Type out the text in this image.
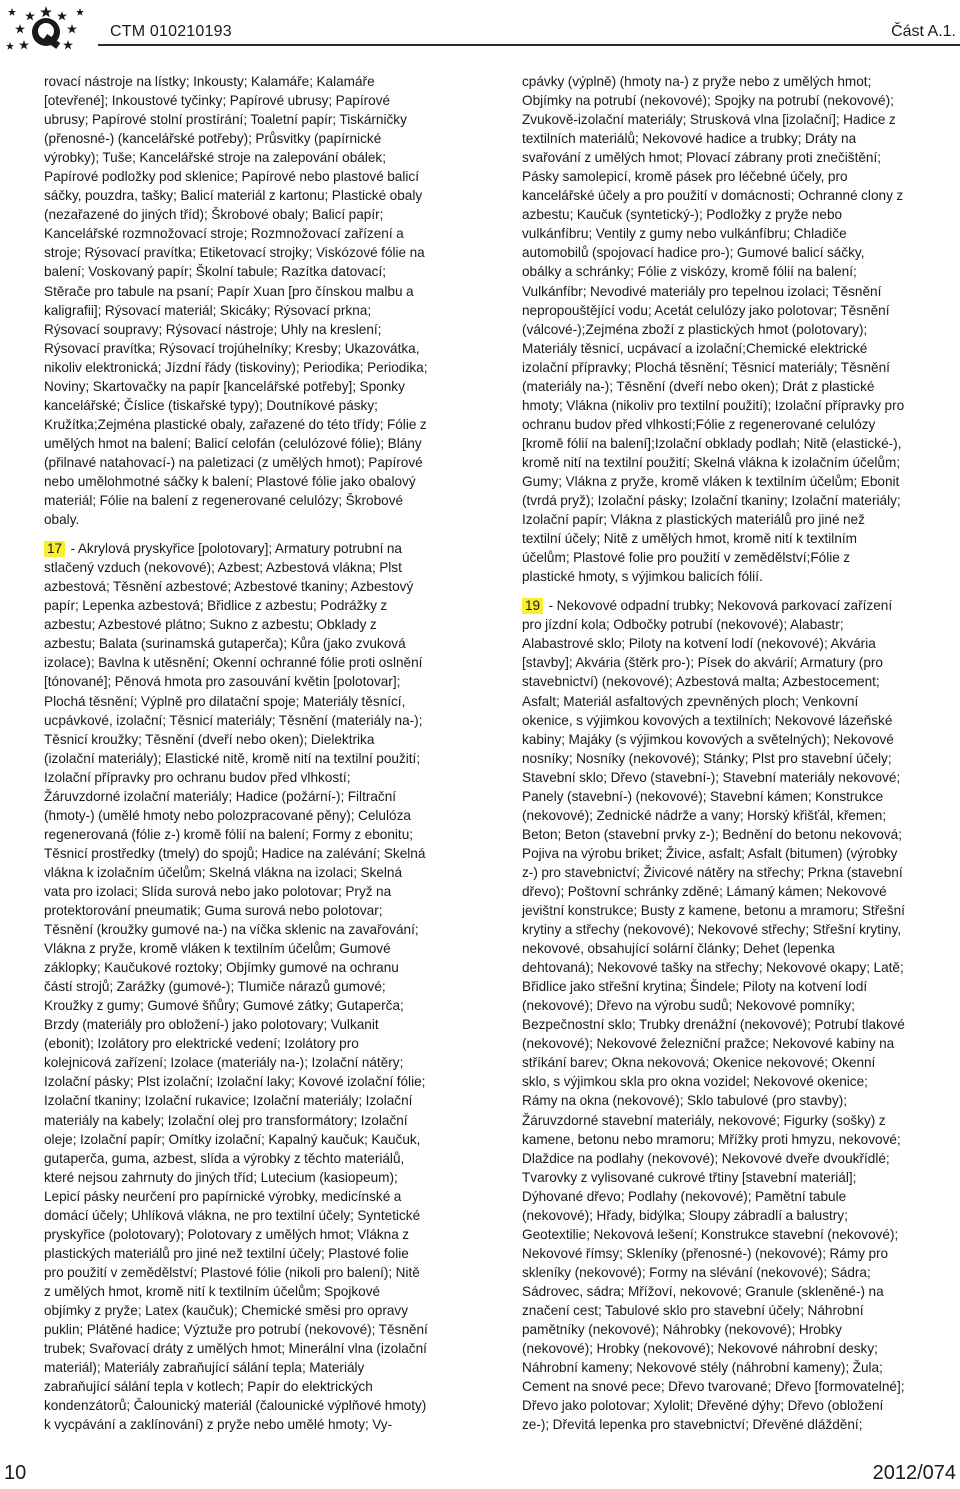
CTM 010210193	Část A.1.

rovací nástroje na lístky; Inkousty; Kalamáře; Kalamáře [otevřené]; Inkoustové tyčinky; Papírové ubrusy; Papírové ubrusy; Papírové stolní prostírání; Toaletní papír; Tiskárničky (přenosné-) (kancelářské potřeby); Průsvitky (papírnické výrobky); Tuše; Kancelářské stroje na zalepování obálek; Papírové podložky pod sklenice; Papírové nebo plastové balicí sáčky, pouzdra, tašky; Balicí materiál z kartonu; Plastické obaly (nezařazené do jiných tříd); Škrobové obaly; Balicí papír; Kancelářské rozmnožovací stroje; Rozmnožovací zařízení a stroje; Rýsovací pravítka; Etiketovací strojky; Viskózové fólie na balení; Voskovaný papír; Školní tabule; Razítka datovací; Stěrače pro tabule na psaní; Papír Xuan [pro čínskou malbu a kaligrafii]; Rýsovací materiál; Skicáky; Rýsovací prkna; Rýsovací soupravy; Rýsovací nástroje; Uhly na kreslení; Rýsovací pravítka; Rýsovací trojúhelníky; Kresby; Ukazovátka, nikoliv elektronická; Jízdní řády (tiskoviny); Periodika; Periodika; Noviny; Skartovačky na papír [kancelářské potřeby]; Sponky kancelářské; Číslice (tiskařské typy); Doutníkové pásky; Kružítka;Zejména plastické obaly, zařazené do této třídy; Fólie z umělých hmot na balení; Balicí celofán (celulózové fólie); Blány (přilnavé natahovací-) na paletizaci (z umělých hmot); Papírové nebo umělohmotné sáčky k balení; Plastové fólie jako obalový materiál; Fólie na balení z regenerované celulózy; Škrobové obaly.

17 - Akrylová pryskyřice [polotovary]; Armatury potrubní na stlačený vzduch (nekovové); Azbest; Azbestová vlákna; Plst azbestová; Těsnění azbestové; Azbestové tkaniny; Azbestový papír; Lepenka azbestová; Břidlice z azbestu; Podrážky z azbestu; Azbestové plátno; Sukno z azbestu; Obklady z azbestu; Balata (surinamská gutaperča); Kůra (jako zvuková izolace); Bavlna k utěsnění; Okenní ochranné fólie proti oslnění [tónované]; Pěnová hmota pro zasouvání květin [polotovar]; Plochá těsnění; Výplně pro dilatační spoje; Materiály těsnící, ucpávkové, izolační; Těsnicí materiály; Těsnění (materiály na-); Těsnicí kroužky; Těsnění (dveří nebo oken); Dielektrika (izolační materiály); Elastické nitě, kromě nití na textilní použití; Izolační přípravky pro ochranu budov před vlhkostí; Žáruvzdorné izolační materiály; Hadice (požární-); Filtrační (hmoty-) (umělé hmoty nebo polozpracované pěny); Celulóza regenerovaná (fólie z-) kromě fólií na balení; Formy z ebonitu; Těsnicí prostředky (tmely) do spojů; Hadice na zalévání; Skelná vlákna k izolačním účelům; Skelná vlákna na izolaci; Skelná vata pro izolaci; Slída surová nebo jako polotovar; Pryž na protektorování pneumatik; Guma surová nebo polotovar; Těsnění (kroužky gumové na-) na víčka sklenic na zavařování; Vlákna z pryže, kromě vláken k textilním účelům; Gumové záklopky; Kaučukové roztoky; Objímky gumové na ochranu částí strojů; Zarážky (gumové-); Tlumiče nárazů gumové; Kroužky z gumy; Gumové šňůry; Gumové zátky; Gutaperča; Brzdy (materiály pro obložení-) jako polotovary; Vulkanit (ebonit); Izolátory pro elektrické vedení; Izolátory pro kolejnicová zařízení; Izolace (materiály na-); Izolační nátěry; Izolační pásky; Plst izolační; Izolační laky; Kovové izolační fólie; Izolační tkaniny; Izolační rukavice; Izolační materiály; Izolační materiály na kabely; Izolační olej pro transformátory; Izolační oleje; Izolační papír; Omítky izolační; Kapalný kaučuk; Kaučuk, gutaperča, guma, azbest, slída a výrobky z těchto materiálů, které nejsou zahrnuty do jiných tříd; Lutecium (kasiopeum); Lepicí pásky neurčení pro papírnické výrobky, medicínské a domácí účely; Uhlíková vlákna, ne pro textilní účely; Syntetické pryskyřice (polotovary); Polotovary z umělých hmot; Vlákna z plastických materiálů pro jiné než textilní účely; Plastové folie pro použití v zemědělství; Plastové fólie (nikoli pro balení); Nitě z umělých hmot, kromě nití k textilním účelům; Spojkové objímky z pryže; Latex (kaučuk); Chemické směsi pro opravy puklin; Plátěné hadice; Výztuže pro potrubí (nekovové); Těsnění trubek; Svařovací dráty z umělých hmot; Minerální vlna (izolační materiál); Materiály zabraňující sálání tepla; Materiály zabraňující sálání tepla v kotlech; Papír do elektrických kondenzátorů; Čalounický materiál (čalounické výplňové hmoty) k vycpávání a zaklínování) z pryže nebo umělé hmoty; Vy-

cpávky (výplně) (hmoty na-) z pryže nebo z umělých hmot; Objímky na potrubí (nekovové); Spojky na potrubí (nekovové); Zvukově-izolační materiály; Strusková vlna [izolační]; Hadice z textilních materiálů; Nekovové hadice a trubky; Dráty na svařování z umělých hmot; Plovací zábrany proti znečištění; Pásky samolepicí, kromě pásek pro léčebné účely, pro kancelářské účely a pro použití v domácnosti; Ochranné clony z azbestu; Kaučuk (syntetický-); Podložky z pryže nebo vulkánfíbru; Ventily z gumy nebo vulkánfíbru; Chladiče automobilů (spojovací hadice pro-); Gumové balicí sáčky, obálky a schránky; Fólie z viskózy, kromě fólií na balení; Vulkánfíbr; Nevodivé materiály pro tepelnou izolaci; Těsnění nepropouštějící vodu; Acetát celulózy jako polotovar; Těsnění (válcové-);Zejména zboží z plastických hmot (polotovary); Materiály těsnicí, ucpávací a izolační;Chemické elektrické izolační přípravky; Plochá těsnění; Těsnicí materiály; Těsnění (materiály na-); Těsnění (dveří nebo oken); Drát z plastické hmoty; Vlákna (nikoliv pro textilní použití); Izolační přípravky pro ochranu budov před vlhkostí;Fólie z regenerované celulózy [kromě fólií na balení];Izolační obklady podlah; Nitě (elastické-), kromě nití na textilní použití; Skelná vlákna k izolačním účelům; Gumy; Vlákna z pryže, kromě vláken k textilním účelům; Ebonit (tvrdá pryž); Izolační pásky; Izolační tkaniny; Izolační materiály; Izolační papír; Vlákna z plastických materiálů pro jiné než textilní účely; Nitě z umělých hmot, kromě nití k textilním účelům; Plastové folie pro použití v zemědělství;Fólie z plastické hmoty, s výjimkou balicích fólií.

19 - Nekovové odpadní trubky; Nekovová parkovací zařízení pro jízdní kola; Odbočky potrubí (nekovové); Alabastr; Alabastrové sklo; Piloty na kotvení lodí (nekovové); Akvária [stavby]; Akvária (štěrk pro-); Písek do akvárií; Armatury (pro stavebnictví) (nekovové); Azbestová malta; Azbestocement; Asfalt; Materiál asfaltových zpevněných ploch; Venkovní okenice, s výjimkou kovových a textilních; Nekovové lázeňské kabiny; Majáky (s výjimkou kovových a světelných); Nekovové nosníky; Nosníky (nekovové); Stánky; Plst pro stavební účely; Stavební sklo; Dřevo (stavební-); Stavební materiály nekovové; Panely (stavební-) (nekovové); Stavební kámen; Konstrukce (nekovové); Zednické nádrže a vany; Horský křišťál, křemen; Beton; Beton (stavební prvky z-); Bednění do betonu nekovová; Pojiva na výrobu briket; Živice, asfalt; Asfalt (bitumen) (výrobky z-) pro stavebnictví; Živicové nátěry na střechy; Prkna (stavební dřevo); Poštovní schránky zděné; Lámaný kámen; Nekovové jevištní konstrukce; Busty z kamene, betonu a mramoru; Střešní krytiny a střechy (nekovové); Nekovové střechy; Střešní krytiny, nekovové, obsahující solární články; Dehet (lepenka dehtovaná); Nekovové tašky na střechy; Nekovové okapy; Latě; Břidlice jako střešní krytina; Šindele; Piloty na kotvení lodí (nekovové); Dřevo na výrobu sudů; Nekovové pomníky; Bezpečnostní sklo; Trubky drenážní (nekovové); Potrubí tlakové (nekovové); Nekovové železniční pražce; Nekovové kabiny na stříkání barev; Okna nekovová; Okenice nekovové; Okenní sklo, s výjimkou skla pro okna vozidel; Nekovové okenice; Rámy na okna (nekovové); Sklo tabulové (pro stavby); Žáruvzdorné stavební materiály, nekovové; Figurky (sošky) z kamene, betonu nebo mramoru; Mřížky proti hmyzu, nekovové; Dlaždice na podlahy (nekovové); Nekovové dveře dvoukřídlé; Tvarovky z vylisované cukrové třtiny [stavební materiál]; Dýhované dřevo; Podlahy (nekovové); Pamětní tabule (nekovové); Hřady, bidýlka; Sloupy zábradlí a balustry; Geotextilie; Nekovová lešení; Konstrukce stavební (nekovové); Nekovové římsy; Skleníky (přenosné-) (nekovové); Rámy pro skleníky (nekovové); Formy na slévání (nekovové); Sádra; Sádrovec, sádra; Mřížoví, nekovové; Granule (skleněné-) na značení cest; Tabulové sklo pro stavební účely; Náhrobní pamětníky (nekovové); Náhrobky (nekovové); Hrobky (nekovové); Hrobky (nekovové); Nekovové náhrobní desky; Náhrobní kameny; Nekovové stély (náhrobní kameny); Žula; Cement na snové pece; Dřevo tvarované; Dřevo [formovatelné]; Dřevo jako polotovar; Xylolit; Dřevěné dýhy; Dřevo (obložení ze-); Dřevitá lepenka pro stavebnictví; Dřevěné dláždění;

10	2012/074
